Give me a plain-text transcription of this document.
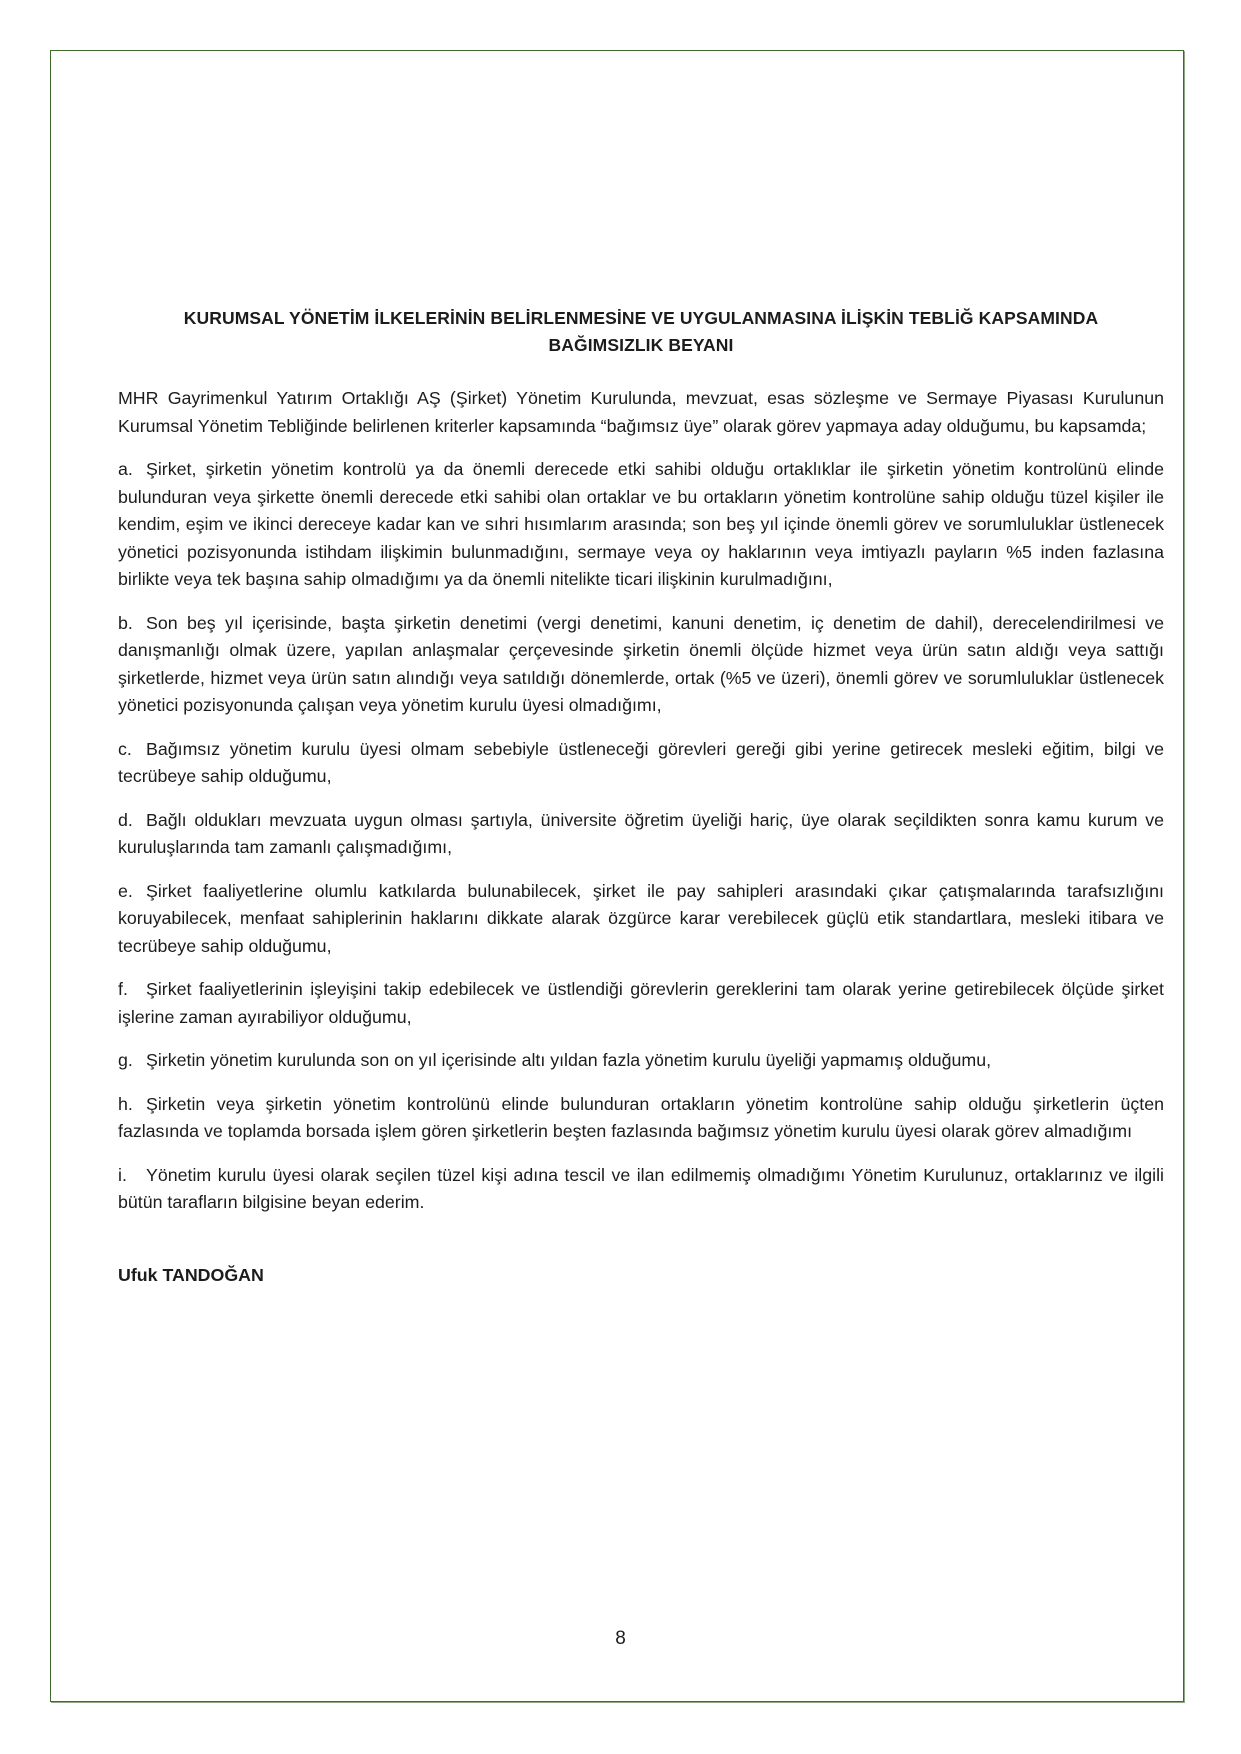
KURUMSAL YÖNETİM İLKELERİNİN BELİRLENMESİNE VE UYGULANMASINA İLİŞKİN TEBLİĞ KAPSAMINDA
BAĞIMSIZLIK BEYANI

MHR Gayrimenkul Yatırım Ortaklığı AŞ (Şirket) Yönetim Kurulunda, mevzuat, esas sözleşme ve Sermaye Piyasası Kurulunun Kurumsal Yönetim Tebliğinde belirlenen kriterler kapsamında “bağımsız üye” olarak görev yapmaya aday olduğumu, bu kapsamda;

a. Şirket, şirketin yönetim kontrolü ya da önemli derecede etki sahibi olduğu ortaklıklar ile şirketin yönetim kontrolünü elinde bulunduran veya şirkette önemli derecede etki sahibi olan ortaklar ve bu ortakların yönetim kontrolüne sahip olduğu tüzel kişiler ile kendim, eşim ve ikinci dereceye kadar kan ve sıhri hısımlarım arasında; son beş yıl içinde önemli görev ve sorumluluklar üstlenecek yönetici pozisyonunda istihdam ilişkimin bulunmadığını, sermaye veya oy haklarının veya imtiyazlı payların %5 inden fazlasına birlikte veya tek başına sahip olmadığımı ya da önemli nitelikte ticari ilişkinin kurulmadığını,

b. Son beş yıl içerisinde, başta şirketin denetimi (vergi denetimi, kanuni denetim, iç denetim de dahil), derecelendirilmesi ve danışmanlığı olmak üzere, yapılan anlaşmalar çerçevesinde şirketin önemli ölçüde hizmet veya ürün satın aldığı veya sattığı şirketlerde, hizmet veya ürün satın alındığı veya satıldığı dönemlerde, ortak (%5 ve üzeri), önemli görev ve sorumluluklar üstlenecek yönetici pozisyonunda çalışan veya yönetim kurulu üyesi olmadığımı,

c. Bağımsız yönetim kurulu üyesi olmam sebebiyle üstleneceği görevleri gereği gibi yerine getirecek mesleki eğitim, bilgi ve tecrübeye sahip olduğumu,

d. Bağlı oldukları mevzuata uygun olması şartıyla, üniversite öğretim üyeliği hariç, üye olarak seçildikten sonra kamu kurum ve kuruluşlarında tam zamanlı çalışmadığımı,

e. Şirket faaliyetlerine olumlu katkılarda bulunabilecek, şirket ile pay sahipleri arasındaki çıkar çatışmalarında tarafsızlığını koruyabilecek, menfaat sahiplerinin haklarını dikkate alarak özgürce karar verebilecek güçlü etik standartlara, mesleki itibara ve tecrübeye sahip olduğumu,

f. Şirket faaliyetlerinin işleyişini takip edebilecek ve üstlendiği görevlerin gereklerini tam olarak yerine getirebilecek ölçüde şirket işlerine zaman ayırabiliyor olduğumu,

g. Şirketin yönetim kurulunda son on yıl içerisinde altı yıldan fazla yönetim kurulu üyeliği yapmamış olduğumu,

h. Şirketin veya şirketin yönetim kontrolünü elinde bulunduran ortakların yönetim kontrolüne sahip olduğu şirketlerin üçten fazlasında ve toplamda borsada işlem gören şirketlerin beşten fazlasında bağımsız yönetim kurulu üyesi olarak görev almadığımı

i. Yönetim kurulu üyesi olarak seçilen tüzel kişi adına tescil ve ilan edilmemiş olmadığımı Yönetim Kurulunuz, ortaklarınız ve ilgili bütün tarafların bilgisine beyan ederim.

Ufuk TANDOĞAN
8
